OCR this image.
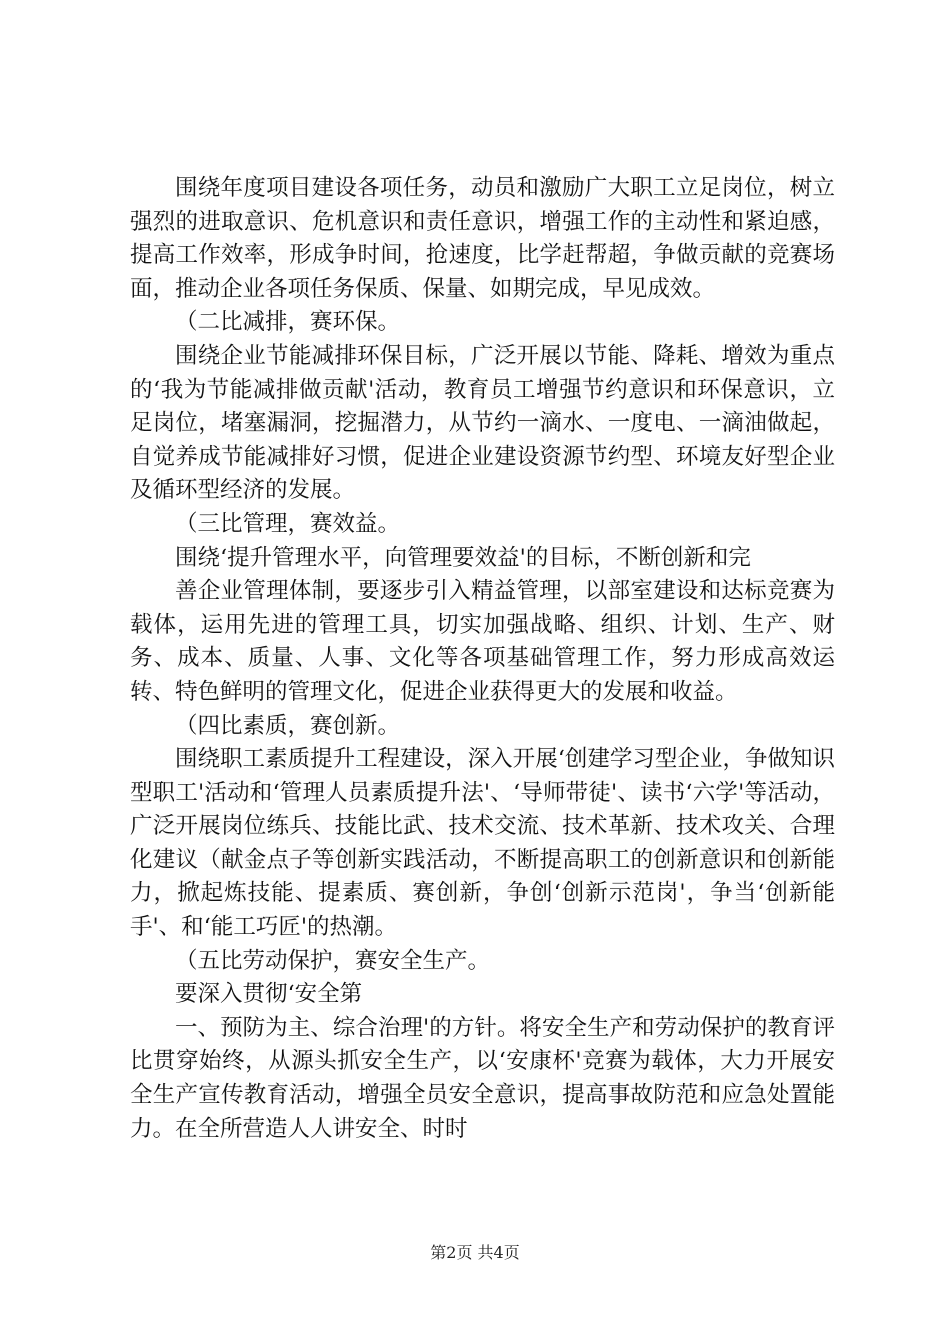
围绕年度项目建设各项任务，动员和激励广大职工立足岗位，树立强烈的进取意识、危机意识和责任意识，增强工作的主动性和紧迫感，提高工作效率，形成争时间，抢速度，比学赶帮超，争做贡献的竞赛场面，推动企业各项任务保质、保量、如期完成，早见成效。

（二比减排，赛环保。

围绕企业节能减排环保目标，广泛开展以节能、降耗、增效为重点的‘我为节能减排做贡献'活动，教育员工增强节约意识和环保意识，立足岗位，堵塞漏洞，挖掘潜力，从节约一滴水、一度电、一滴油做起，自觉养成节能减排好习惯，促进企业建设资源节约型、环境友好型企业及循环型经济的发展。

（三比管理，赛效益。

围绕‘提升管理水平，向管理要效益'的目标，不断创新和完

善企业管理体制，要逐步引入精益管理，以部室建设和达标竞赛为载体，运用先进的管理工具，切实加强战略、组织、计划、生产、财务、成本、质量、人事、文化等各项基础管理工作，努力形成高效运转、特色鲜明的管理文化，促进企业获得更大的发展和收益。

（四比素质，赛创新。

围绕职工素质提升工程建设，深入开展‘创建学习型企业，争做知识型职工'活动和‘管理人员素质提升法'、‘导师带徒'、读书‘六学'等活动，广泛开展岗位练兵、技能比武、技术交流、技术革新、技术攻关、合理化建议（献金点子等创新实践活动，不断提高职工的创新意识和创新能力，掀起炼技能、提素质、赛创新，争创‘创新示范岗'，争当‘创新能手'、和‘能工巧匠'的热潮。

（五比劳动保护，赛安全生产。

要深入贯彻‘安全第

一、预防为主、综合治理'的方针。将安全生产和劳动保护的教育评比贯穿始终，从源头抓安全生产，以‘安康杯'竞赛为载体，大力开展安全生产宣传教育活动，增强全员安全意识，提高事故防范和应急处置能力。在全所营造人人讲安全、时时

第2页 共4页
